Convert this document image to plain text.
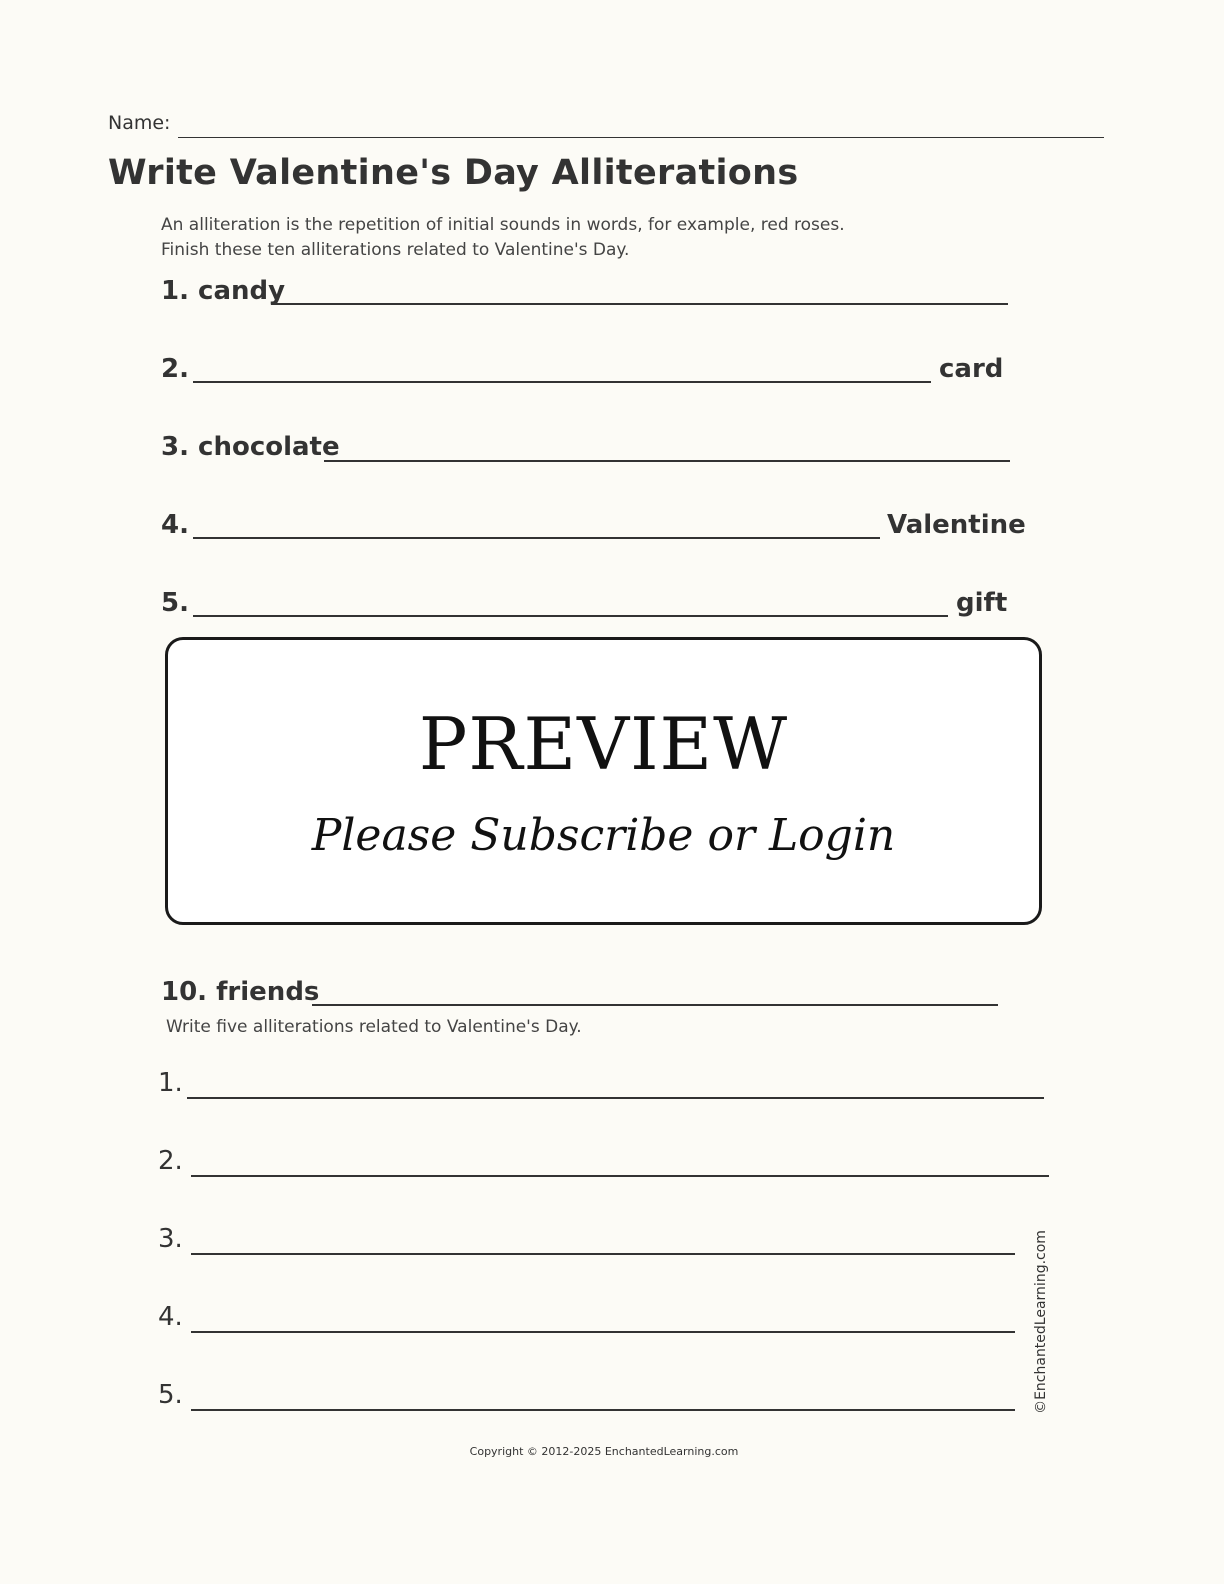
Name:
Write Valentine's Day Alliterations
An alliteration is the repetition of initial sounds in words, for example, red roses.
Finish these ten alliterations related to Valentine's Day.
1. candy
2.	card
3. chocolate
4.	Valentine
5.	gift
PREVIEW
Please Subscribe or Login
10. friends
Write five alliterations related to Valentine's Day.
1.
2.
3.
4.
5.	©EnchantedLearning.com
Copyright © 2012-2025 EnchantedLearning.com
